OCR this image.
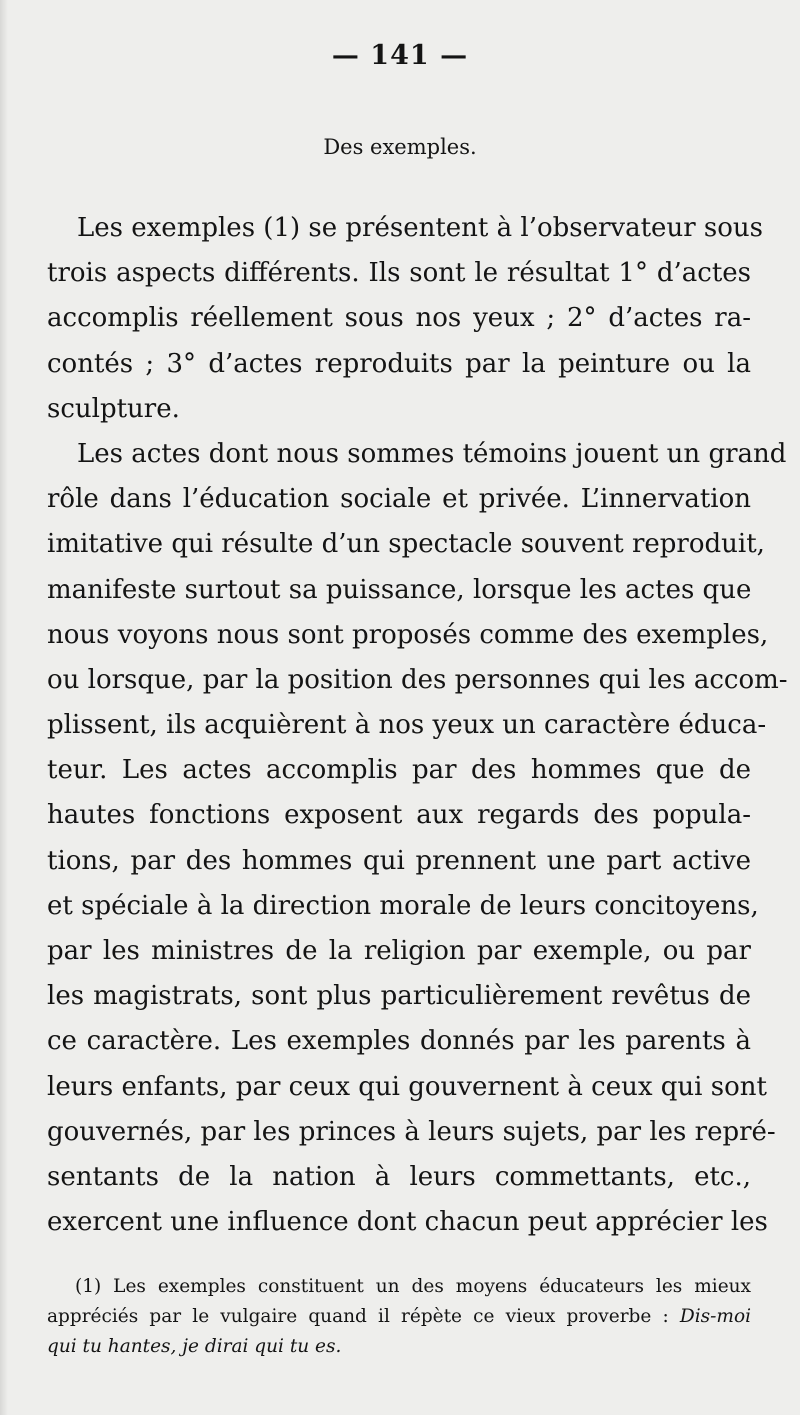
— 141 —
Des exemples.
Les exemples (1) se présentent à l’observateur sous
trois aspects différents. Ils sont le résultat 1° d’actes
accomplis réellement sous nos yeux ; 2° d’actes ra-
contés ; 3° d’actes reproduits par la peinture ou la
sculpture.
Les actes dont nous sommes témoins jouent un grand
rôle dans l’éducation sociale et privée. L’innervation
imitative qui résulte d’un spectacle souvent reproduit,
manifeste surtout sa puissance, lorsque les actes que
nous voyons nous sont proposés comme des exemples,
ou lorsque, par la position des personnes qui les accom-
plissent, ils acquièrent à nos yeux un caractère éduca-
teur. Les actes accomplis par des hommes que de
hautes fonctions exposent aux regards des popula-
tions, par des hommes qui prennent une part active
et spéciale à la direction morale de leurs concitoyens,
par les ministres de la religion par exemple, ou par
les magistrats, sont plus particulièrement revêtus de
ce caractère. Les exemples donnés par les parents à
leurs enfants, par ceux qui gouvernent à ceux qui sont
gouvernés, par les princes à leurs sujets, par les repré-
sentants de la nation à leurs commettants, etc.,
exercent une influence dont chacun peut apprécier les
(1) Les exemples constituent un des moyens éducateurs les mieux
appréciés par le vulgaire quand il répète ce vieux proverbe : Dis-moi
qui tu hantes, je dirai qui tu es.
